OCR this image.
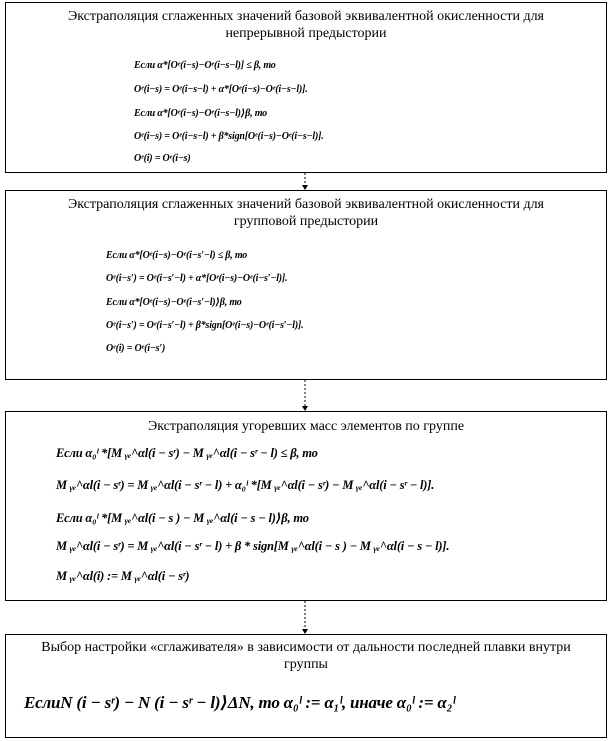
Экстраполяция сглаженных значений базовой эквивалентной окисленности для непрерывной предыстории
Если α*[Oᵉ(i−s)−Oᵉ(i−s−l)] ≤ β, то
Oᵉ(i−s) = Oᵉ(i−s−l) + α*[Oᵉ(i−s)−Oᵉ(i−s−l)].
Если α*[Oᵉ(i−s)−Oᵉ(i−s−l)⟩β, то
Oᵉ(i−s) = Oᵉ(i−s−l) + β*sign[Oᵉ(i−s)−Oᵉ(i−s−l)].
Oᵉ(i) = Oᵉ(i−s)
Экстраполяция сглаженных значений базовой эквивалентной окисленности для групповой предыстории
Если α*[Oᵉ(i−s)−Oᵉ(i−s′−l) ≤ β, то
Oᵉ(i−s′) = Oᵉ(i−s′−l) + α*[Oᵉ(i−s)−Oᵉ(i−s′−l)].
Если α*[Oᵉ(i−s)−Oᵉ(i−s′−l)⟩β, то
Oᵉ(i−s′) = Oᵉ(i−s′−l) + β*sign[Oᵉ(i−s)−Oᵉ(i−s′−l)].
Oᵉ(i) = Oᵉ(i−s′)
Экстраполяция угоревших масс элементов по группе
Если α₀ˡ *[M ᵧₑ^αl(i − sʳ) − M ᵧₑ^αl(i − sʳ − l) ≤ β, то
M ᵧₑ^αl(i − sʳ) = M ᵧₑ^αl(i − sʳ − l) + α₀ˡ *[M ᵧₑ^αl(i − sʳ) − M ᵧₑ^αl(i − sʳ − l)].
Если α₀ˡ *[M ᵧₑ^αl(i − s ) − M ᵧₑ^αl(i − s − l)⟩β, то
M ᵧₑ^αl(i − sʳ) = M ᵧₑ^αl(i − sʳ − l) + β * sign[M ᵧₑ^αl(i − s ) − M ᵧₑ^αl(i − s − l)].
M ᵧₑ^αl(i) := M ᵧₑ^αl(i − sʳ)
Выбор настройки «сглаживателя» в зависимости от дальности последней плавки внутри группы
ЕслиN (i − sʳ) − N (i − sʳ − l)⟩ΔN, то α₀ˡ := α₁ˡ, иначе α₀ˡ := α₂ˡ
